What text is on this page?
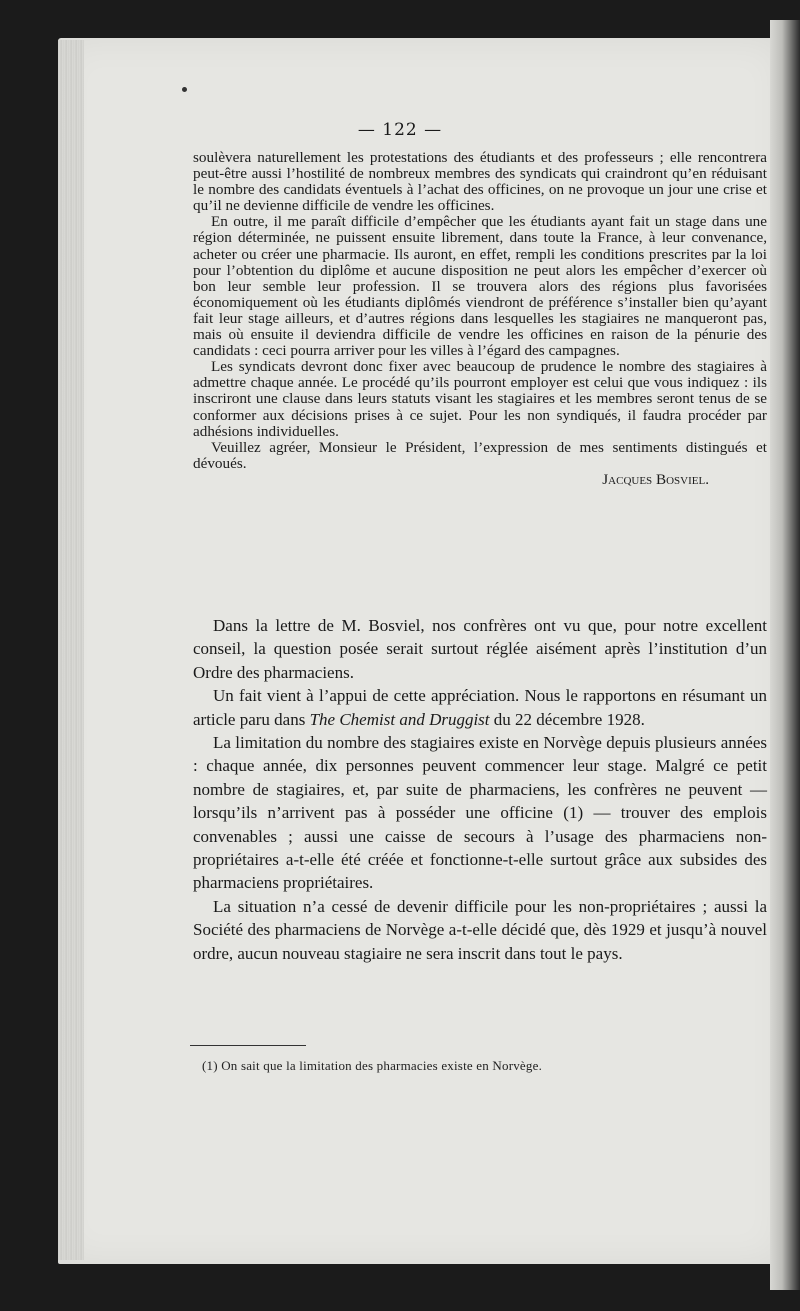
— 122 —

soulèvera naturellement les protestations des étudiants et des professeurs ; elle rencontrera peut-être aussi l’hostilité de nombreux membres des syndicats qui craindront qu’en réduisant le nombre des candidats éventuels à l’achat des officines, on ne provoque un jour une crise et qu’il ne devienne difficile de vendre les officines.

En outre, il me paraît difficile d’empêcher que les étudiants ayant fait un stage dans une région déterminée, ne puissent ensuite librement, dans toute la France, à leur convenance, acheter ou créer une pharmacie. Ils auront, en effet, rempli les conditions prescrites par la loi pour l’obtention du diplôme et aucune disposition ne peut alors les empêcher d’exercer où bon leur semble leur profession. Il se trouvera alors des régions plus favorisées économiquement où les étudiants diplômés viendront de préférence s’installer bien qu’ayant fait leur stage ailleurs, et d’autres régions dans lesquelles les stagiaires ne manqueront pas, mais où ensuite il deviendra difficile de vendre les officines en raison de la pénurie des candidats : ceci pourra arriver pour les villes à l’égard des campagnes.

Les syndicats devront donc fixer avec beaucoup de prudence le nombre des stagiaires à admettre chaque année. Le procédé qu’ils pourront employer est celui que vous indiquez : ils inscriront une clause dans leurs statuts visant les stagiaires et les membres seront tenus de se conformer aux décisions prises à ce sujet. Pour les non syndiqués, il faudra procéder par adhésions individuelles.

Veuillez agréer, Monsieur le Président, l’expression de mes sentiments distingués et dévoués.

Jacques Bosviel.

Dans la lettre de M. Bosviel, nos confrères ont vu que, pour notre excellent conseil, la question posée serait surtout réglée aisément après l’institution d’un Ordre des pharmaciens.

Un fait vient à l’appui de cette appréciation. Nous le rapportons en résumant un article paru dans The Chemist and Druggist du 22 décembre 1928.

La limitation du nombre des stagiaires existe en Norvège depuis plusieurs années : chaque année, dix personnes peuvent commencer leur stage. Malgré ce petit nombre de stagiaires, et, par suite de pharmaciens, les confrères ne peuvent — lorsqu’ils n’arrivent pas à posséder une officine (1) — trouver des emplois convenables ; aussi une caisse de secours à l’usage des pharmaciens non-propriétaires a-t-elle été créée et fonctionne-t-elle surtout grâce aux subsides des pharmaciens propriétaires.

La situation n’a cessé de devenir difficile pour les non-propriétaires ; aussi la Société des pharmaciens de Norvège a-t-elle décidé que, dès 1929 et jusqu’à nouvel ordre, aucun nouveau stagiaire ne sera inscrit dans tout le pays.

(1) On sait que la limitation des pharmacies existe en Norvège.
